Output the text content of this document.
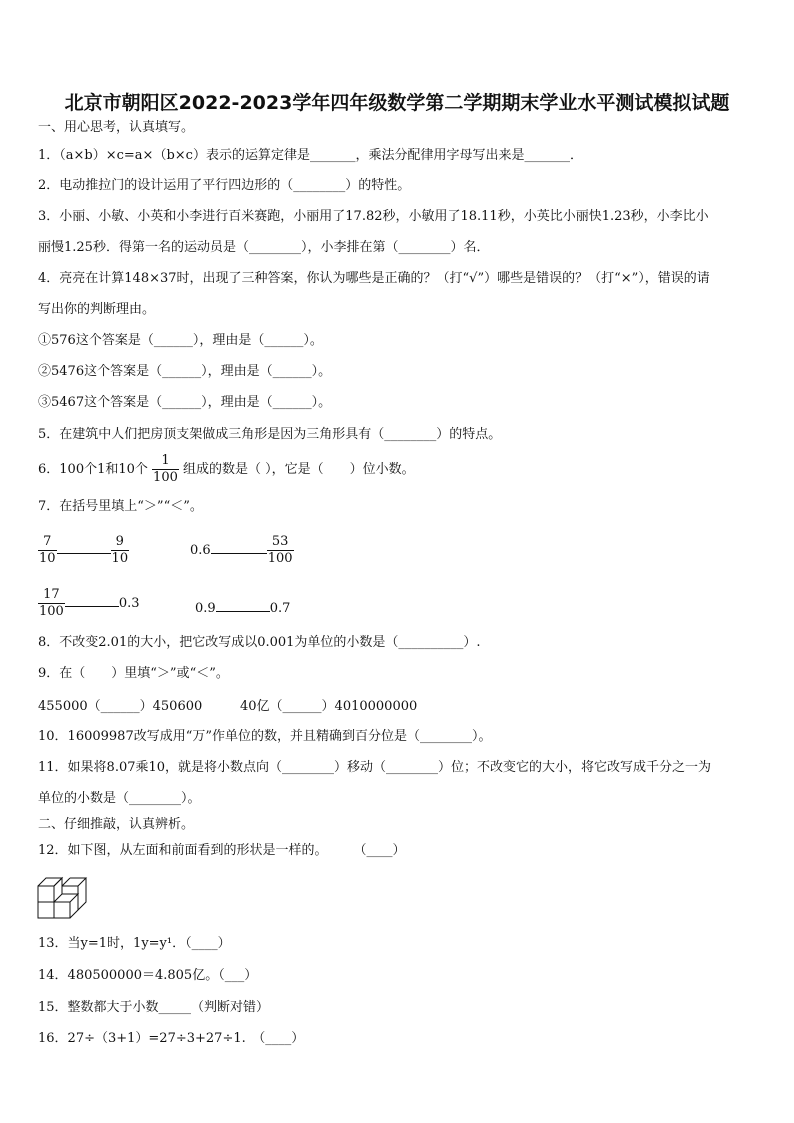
北京市朝阳区2022-2023学年四年级数学第二学期期末学业水平测试模拟试题
一、用心思考，认真填写。
1．（a×b）×c=a×（b×c）表示的运算定律是_______，乘法分配律用字母写出来是_______．
2．电动推拉门的设计运用了平行四边形的（________）的特性。
3．小丽、小敏、小英和小李进行百米赛跑，小丽用了17.82秒，小敏用了18.11秒，小英比小丽快1.23秒，小李比小
丽慢1.25秒．得第一名的运动员是（________），小李排在第（________）名．
4．亮亮在计算148×37时，出现了三种答案，你认为哪些是正确的？（打“√”）哪些是错误的？（打“×”），错误的请
写出你的判断理由。
①576这个答案是（______），理由是（______）。
②5476这个答案是（______），理由是（______）。
③5467这个答案是（______），理由是（______）。
5．在建筑中人们把房顶支架做成三角形是因为三角形具有（________）的特点。
6．100个1和10个 $\frac{1}{100}$ 组成的数是（ ），它是（　　）位小数。
7．在括号里填上“＞”“＜”。
$\frac{7}{10}$	$\frac{9}{10}$	0.6	$\frac{53}{100}$
$\frac{17}{100}$	0.3	0.9	0.7
8．不改变2.01的大小，把它改写成以0.001为单位的小数是（__________）.
9．在（　　）里填“＞”或“＜”。
455000（______）450600	40亿（______）4010000000
10．16009987改写成用“万”作单位的数，并且精确到百分位是（________）。
11．如果将8.07乘10，就是将小数点向（________）移动（________）位；不改变它的大小，将它改写成千分之一为
单位的小数是（________）。
二、仔细推敲，认真辨析。
12．如下图，从左面和前面看到的形状是一样的。　　　（____）
13．当y=1时，1y=y¹．（____）
14．480500000＝4.805亿。（___）
15．整数都大于小数_____（判断对错）
16．27÷（3+1）=27÷3+27÷1.　（____）
